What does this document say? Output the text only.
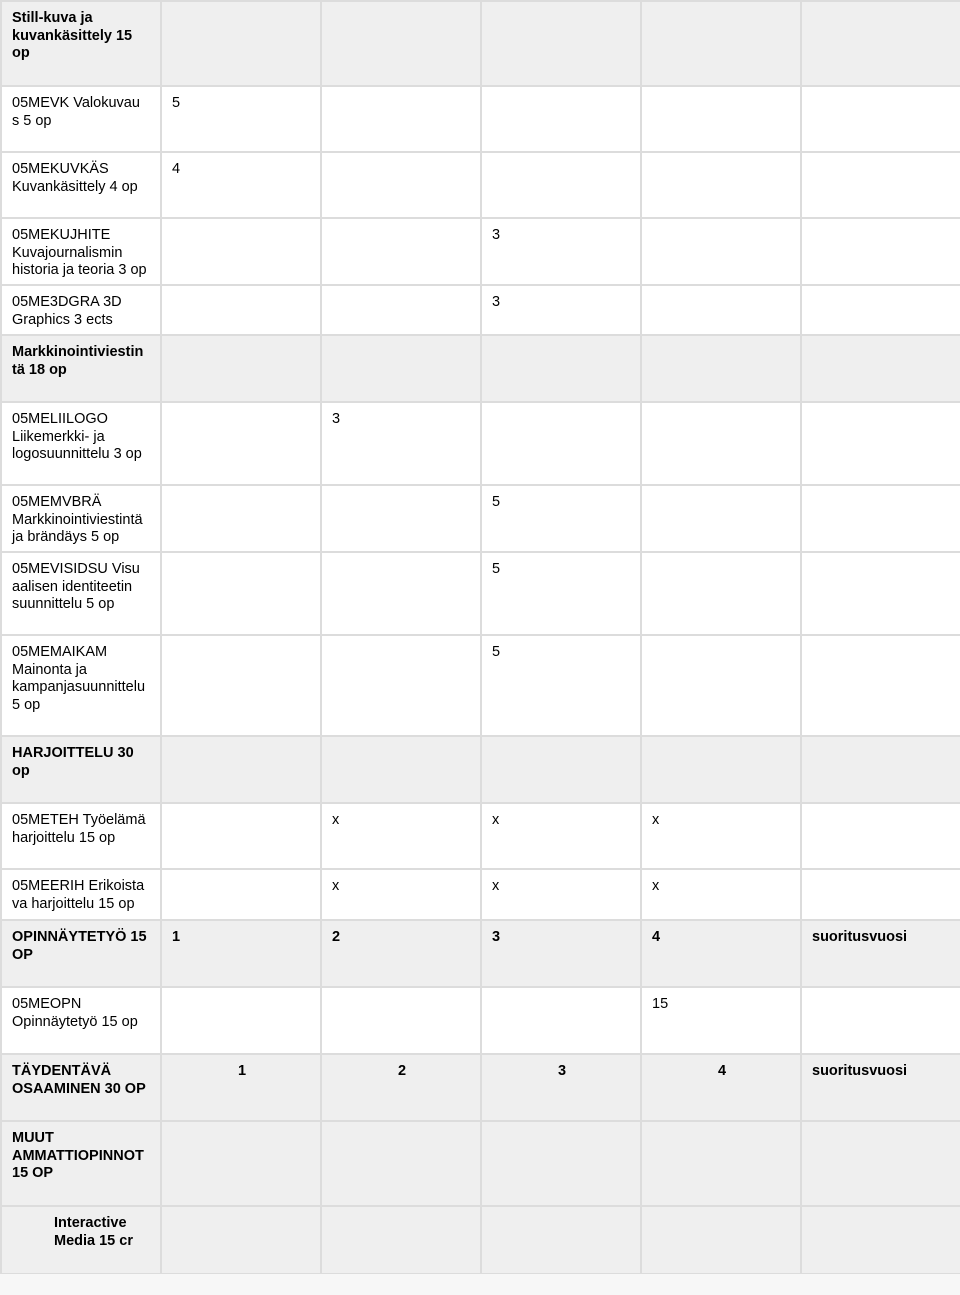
Still-kuva ja
kuvankäsittely 15
op					
05MEVK Valokuvau
s 5 op	5				
05MEKUVKÄS
Kuvankäsittely 4 op	4				
05MEKUJHITE
Kuvajournalismin
historia ja teoria 3 op			3		
05ME3DGRA 3D
Graphics 3 ects			3		
Markkinointiviestin
tä 18 op					
05MELIILOGO
Liikemerkki- ja
logosuunnittelu 3 op		3			
05MEMVBRÄ
Markkinointiviestintä
ja brändäys 5 op			5		
05MEVISIDSU Visu
aalisen identiteetin
suunnittelu 5 op			5		
05MEMAIKAM
Mainonta ja
kampanjasuunnittelu
5 op			5		
HARJOITTELU 30
op					
05METEH Työelämä
harjoittelu 15 op		x	x	x	
05MEERIH Erikoista
va harjoittelu 15 op		x	x	x	
OPINNÄYTETYÖ 15
OP	1	2	3	4	suoritusvuosi
05MEOPN
Opinnäytetyö 15 op				15	
TÄYDENTÄVÄ
OSAAMINEN 30 OP	1	2	3	4	suoritusvuosi
MUUT
AMMATTIOPINNOT
15 OP					
Interactive
Media 15 cr					
